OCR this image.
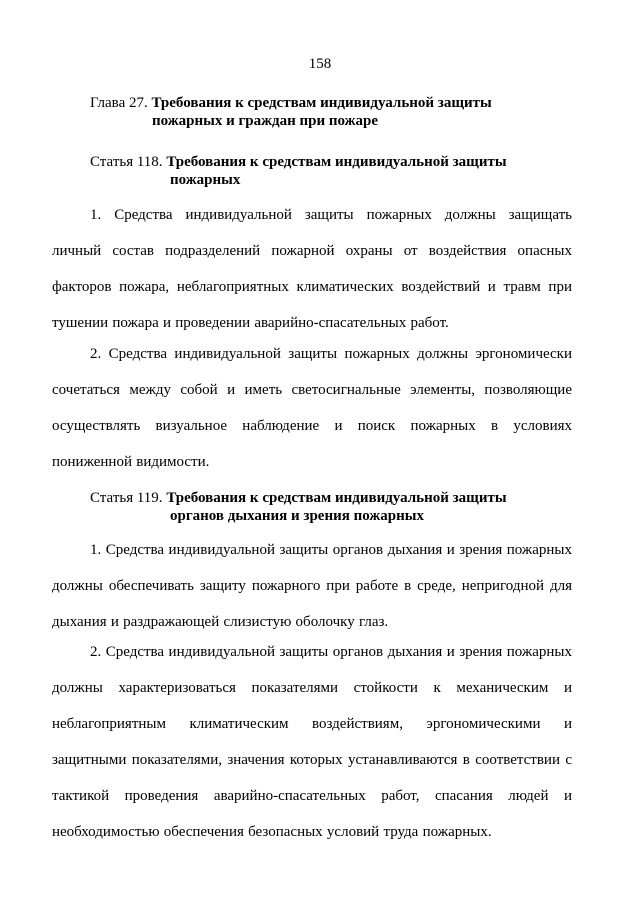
158
Глава 27. Требования к средствам индивидуальной защиты
пожарных и граждан при пожаре
Статья 118. Требования к средствам индивидуальной защиты
пожарных

1. Средства индивидуальной защиты пожарных должны защищать личный состав подразделений пожарной охраны от воздействия опасных факторов пожара, неблагоприятных климатических воздействий и травм при тушении пожара и проведении аварийно-спасательных работ.

2. Средства индивидуальной защиты пожарных должны эргономически сочетаться между собой и иметь светосигнальные элементы, позволяющие осуществлять визуальное наблюдение и поиск пожарных в условиях пониженной видимости.

Статья 119. Требования к средствам индивидуальной защиты
органов дыхания и зрения пожарных

1. Средства индивидуальной защиты органов дыхания и зрения пожарных должны обеспечивать защиту пожарного при работе в среде, непригодной для дыхания и раздражающей слизистую оболочку глаз.

2. Средства индивидуальной защиты органов дыхания и зрения пожарных должны характеризоваться показателями стойкости к механическим и неблагоприятным климатическим воздействиям, эргономическими и защитными показателями, значения которых устанавливаются в соответствии с тактикой проведения аварийно-спасательных работ, спасания людей и необходимостью обеспечения безопасных условий труда пожарных.
